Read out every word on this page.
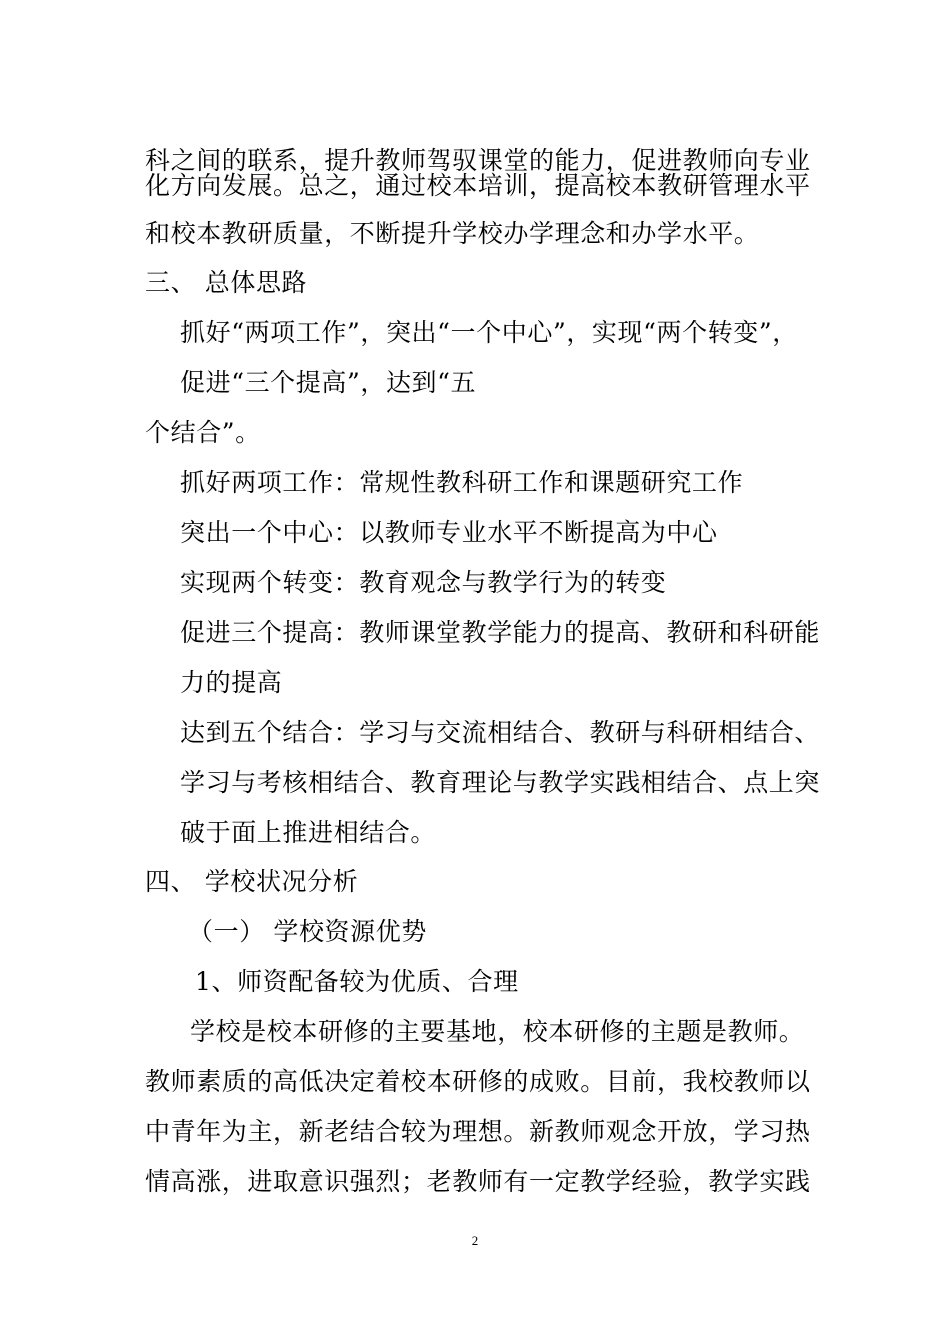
科之间的联系，提升教师驾驭课堂的能力，促进教师向专业

化方向发展。总之，通过校本培训，提高校本教研管理水平

和校本教研质量，不断提升学校办学理念和办学水平。

三、 总体思路

抓好“两项工作”，突出“一个中心”，实现“两个转变”，

促进“三个提高”，达到“五

个结合”。

抓好两项工作：常规性教科研工作和课题研究工作

突出一个中心：以教师专业水平不断提高为中心

实现两个转变：教育观念与教学行为的转变

促进三个提高：教师课堂教学能力的提高、教研和科研能

力的提高

达到五个结合：学习与交流相结合、教研与科研相结合、

学习与考核相结合、教育理论与教学实践相结合、点上突

破于面上推进相结合。

四、 学校状况分析

（一） 学校资源优势

1、师资配备较为优质、合理

学校是校本研修的主要基地，校本研修的主题是教师。

教师素质的高低决定着校本研修的成败。目前，我校教师以

中青年为主，新老结合较为理想。新教师观念开放，学习热

情高涨，进取意识强烈；老教师有一定教学经验，教学实践

2
